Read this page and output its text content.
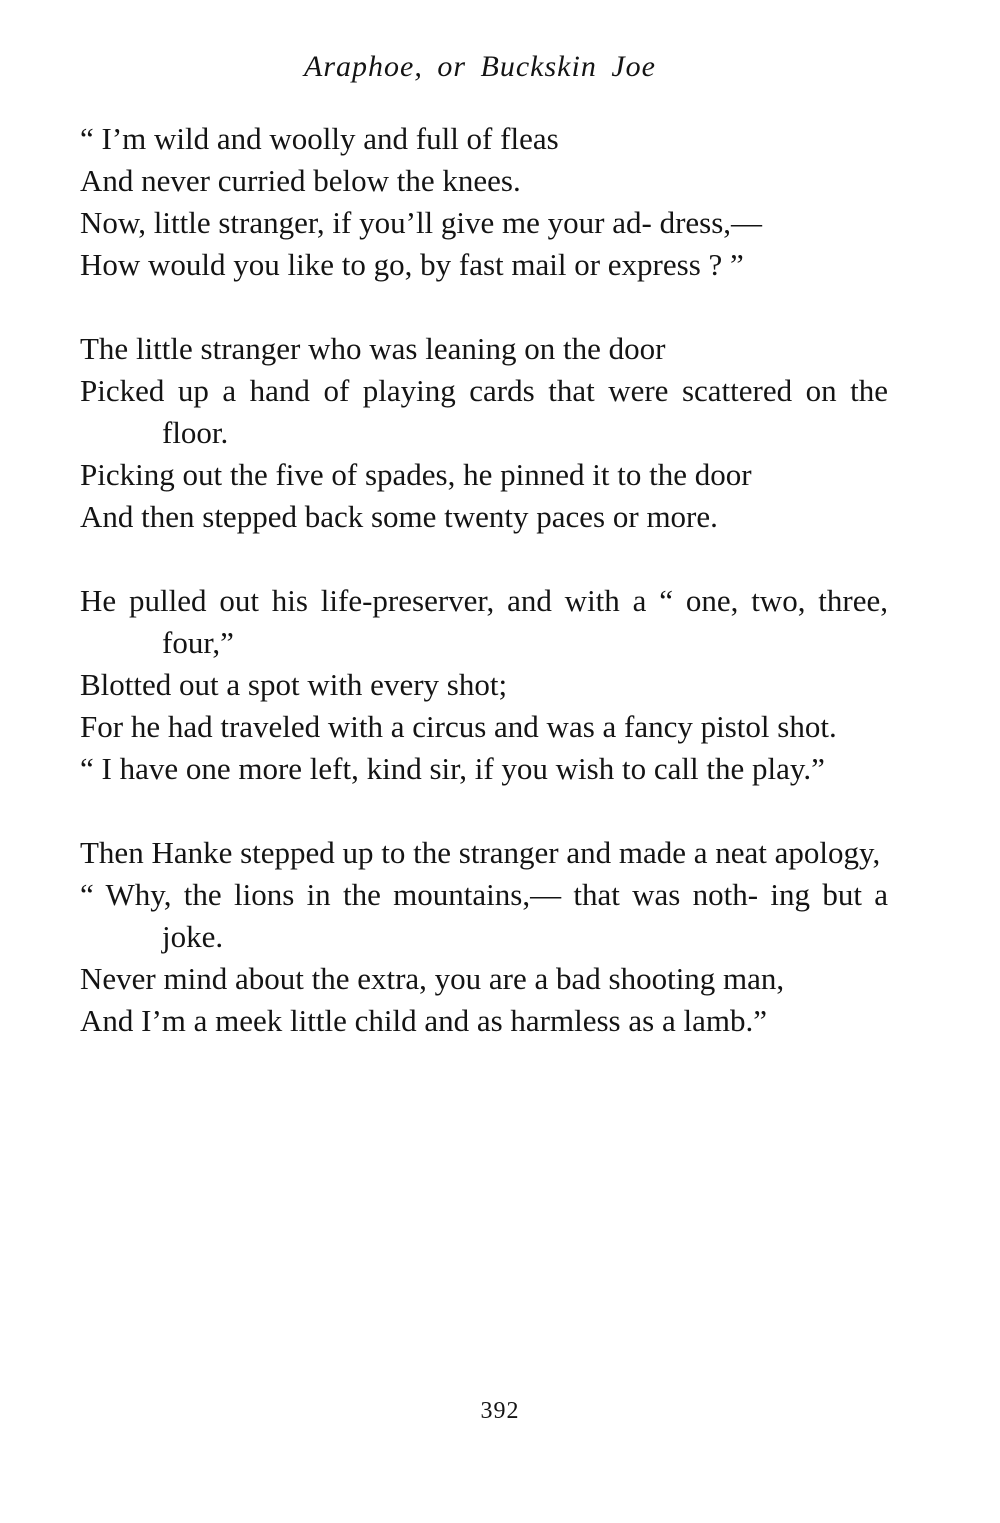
Araphoe, or Buckskin Joe
“ I’m wild and woolly and full of fleas
And never curried below the knees.
Now, little stranger, if you’ll give me your ad- dress,—
How would you like to go, by fast mail or express ? ”
The little stranger who was leaning on the door
Picked up a hand of playing cards that were scattered on the floor.
Picking out the five of spades, he pinned it to the door
And then stepped back some twenty paces or more.
He pulled out his life-preserver, and with a “ one, two, three, four,”
Blotted out a spot with every shot;
For he had traveled with a circus and was a fancy pistol shot.
“ I have one more left, kind sir, if you wish to call the play.”
Then Hanke stepped up to the stranger and made a neat apology,
“ Why, the lions in the mountains,— that was noth- ing but a joke.
Never mind about the extra, you are a bad shooting man,
And I’m a meek little child and as harmless as a lamb.”
392
